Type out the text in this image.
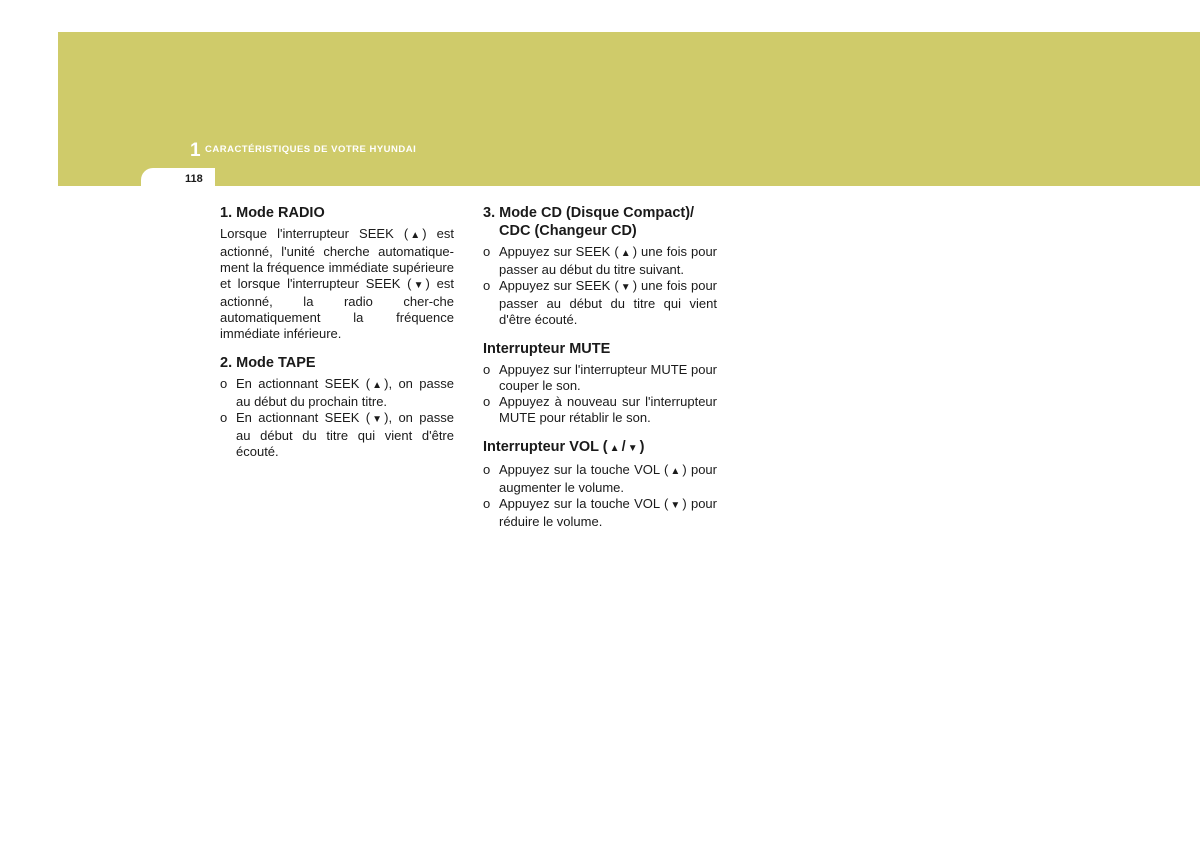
1 CARACTÉRISTIQUES DE VOTRE HYUNDAI
118
1. Mode RADIO
Lorsque l'interrupteur SEEK ( ▲ ) est actionné, l'unité cherche automatique-ment la fréquence immédiate supérieure et lorsque l'interrupteur SEEK ( ▼ ) est actionné, la radio cher-che automatiquement la fréquence immédiate inférieure.
2. Mode TAPE
o En actionnant SEEK ( ▲ ), on passe au début du prochain titre.
o En actionnant SEEK ( ▼ ), on passe au début du titre qui vient d'être écouté.
3. Mode CD (Disque Compact)/ CDC (Changeur CD)
o Appuyez sur SEEK ( ▲ ) une fois pour passer au début du titre suivant.
o Appuyez sur SEEK ( ▼ ) une fois pour passer au début du titre qui vient d'être écouté.
Interrupteur MUTE
o Appuyez sur l'interrupteur MUTE pour couper le son.
o Appuyez à nouveau sur l'interrupteur MUTE pour rétablir le son.
Interrupteur VOL ( ▲ / ▼ )
o Appuyez sur la touche VOL ( ▲ ) pour augmenter le volume.
o Appuyez sur la touche VOL ( ▼ ) pour réduire le volume.
